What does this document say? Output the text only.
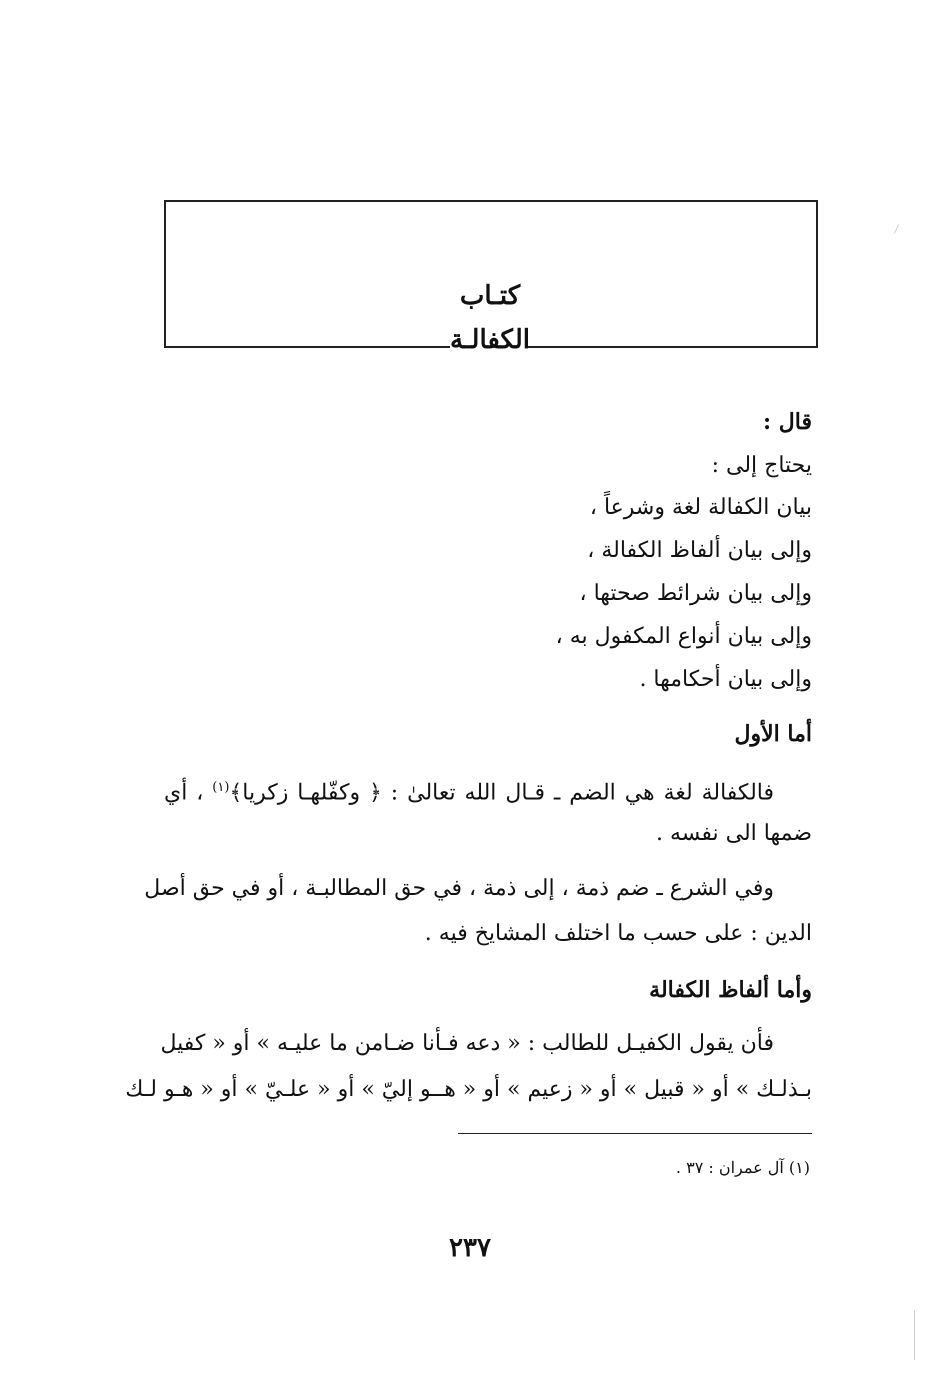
كتـاب
الكفالـة
قال :
يحتاج إلى :
بيان الكفالة لغة وشرعاً ،
وإلى بيان ألفاظ الكفالة ،
وإلى بيان شرائط صحتها ،
وإلى بيان أنواع المكفول به ،
وإلى بيان أحكامها .
أما الأول
فالكفالة لغة هي الضم ـ قـال الله تعالىٰ : ﴿ وكفّلهـا زكريا﴾$^{(١)}$ ، أي
ضمها الى نفسه .
وفي الشرع ـ ضم ذمة ، إلى ذمة ، في حق المطالبـة ، أو في حق أصل
الدين : على حسب ما اختلف المشايخ فيه .
وأما ألفاظ الكفالة
فأن يقول الكفيـل للطالب : « دعه فـأنا ضـامن ما عليـه » أو « كفيل
بـذلـك » أو « قبيل » أو « زعيم » أو « هــو إليّ » أو « علـيّ » أو « هـو لـك
(١) آل عمران : ٣٧ .
٢٣٧
